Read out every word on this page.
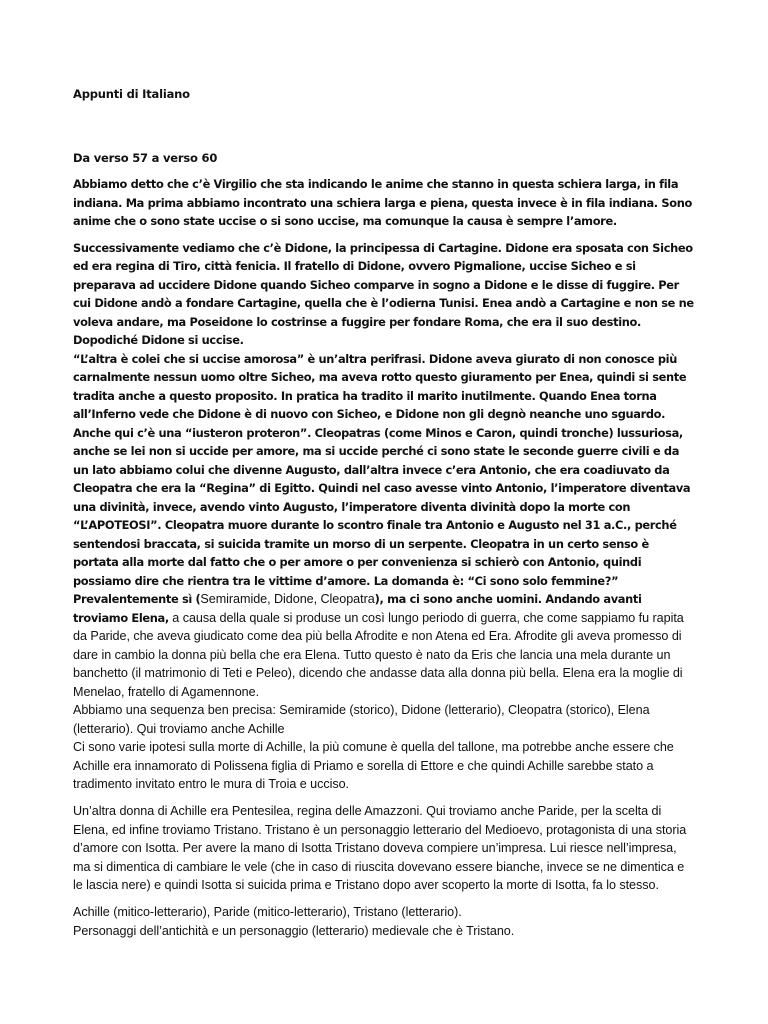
Appunti di Italiano

Da verso 57 a verso 60

Abbiamo detto che c’è Virgilio che sta indicando le anime che stanno in questa schiera larga, in fila indiana. Ma prima abbiamo incontrato una schiera larga e piena, questa invece è in fila indiana. Sono anime che o sono state uccise o si sono uccise, ma comunque la causa è sempre l’amore.

Successivamente vediamo che c’è Didone, la principessa di Cartagine. Didone era sposata con Sicheo ed era regina di Tiro, città fenicia. Il fratello di Didone, ovvero Pigmalione, uccise Sicheo e si preparava ad uccidere Didone quando Sicheo comparve in sogno a Didone e le disse di fuggire. Per cui Didone andò a fondare Cartagine, quella che è l’odierna Tunisi. Enea andò a Cartagine e non se ne voleva andare, ma Poseidone lo costrinse a fuggire per fondare Roma, che era il suo destino. Dopodiché Didone si uccise.

“L’altra è colei che si uccise amorosa” è un’altra perifrasi. Didone aveva giurato di non conosce più carnalmente nessun uomo oltre Sicheo, ma aveva rotto questo giuramento per Enea, quindi si sente tradita anche a questo proposito. In pratica ha tradito il marito inutilmente. Quando Enea torna all’Inferno vede che Didone è di nuovo con Sicheo, e Didone non gli degnò neanche uno sguardo. Anche qui c’è una “iusteron proteron”. Cleopatras (come Minos e Caron, quindi tronche) lussuriosa, anche se lei non si uccide per amore, ma si uccide perché ci sono state le seconde guerre civili e da un lato abbiamo colui che divenne Augusto, dall’altra invece c’era Antonio, che era coadiuvato da Cleopatra che era la “Regina” di Egitto. Quindi nel caso avesse vinto Antonio, l’imperatore diventava una divinità, invece, avendo vinto Augusto, l’imperatore diventa divinità dopo la morte con “L’APOTEOSI”. Cleopatra muore durante lo scontro finale tra Antonio e Augusto nel 31 a.C., perché sentendosi braccata, si suicida tramite un morso di un serpente. Cleopatra in un certo senso è portata alla morte dal fatto che o per amore o per convenienza si schierò con Antonio, quindi possiamo dire che rientra tra le vittime d’amore. La domanda è: “Ci sono solo femmine?” Prevalentemente sì (Semiramide, Didone, Cleopatra), ma ci sono anche uomini. Andando avanti troviamo Elena, a causa della quale si produse un così lungo periodo di guerra, che come sappiamo fu rapita da Paride, che aveva giudicato come dea più bella Afrodite e non Atena ed Era. Afrodite gli aveva promesso di dare in cambio la donna più bella che era Elena. Tutto questo è nato da Eris che lancia una mela durante un banchetto (il matrimonio di Teti e Peleo), dicendo che andasse data alla donna più bella. Elena era la moglie di Menelao, fratello di Agamennone.

Abbiamo una sequenza ben precisa: Semiramide (storico), Didone (letterario), Cleopatra (storico), Elena (letterario). Qui troviamo anche Achille

Ci sono varie ipotesi sulla morte di Achille, la più comune è quella del tallone, ma potrebbe anche essere che Achille era innamorato di Polissena figlia di Priamo e sorella di Ettore e che quindi Achille sarebbe stato a tradimento invitato entro le mura di Troia e ucciso.

Un’altra donna di Achille era Pentesilea, regina delle Amazzoni. Qui troviamo anche Paride, per la scelta di Elena, ed infine troviamo Tristano. Tristano è un personaggio letterario del Medioevo, protagonista di una storia d’amore con Isotta. Per avere la mano di Isotta Tristano doveva compiere un’impresa. Lui riesce nell’impresa, ma si dimentica di cambiare le vele (che in caso di riuscita dovevano essere bianche, invece se ne dimentica e le lascia nere) e quindi Isotta si suicida prima e Tristano dopo aver scoperto la morte di Isotta, fa lo stesso.

Achille (mitico-letterario), Paride (mitico-letterario), Tristano (letterario).

Personaggi dell’antichità e un personaggio (letterario) medievale che è Tristano.
